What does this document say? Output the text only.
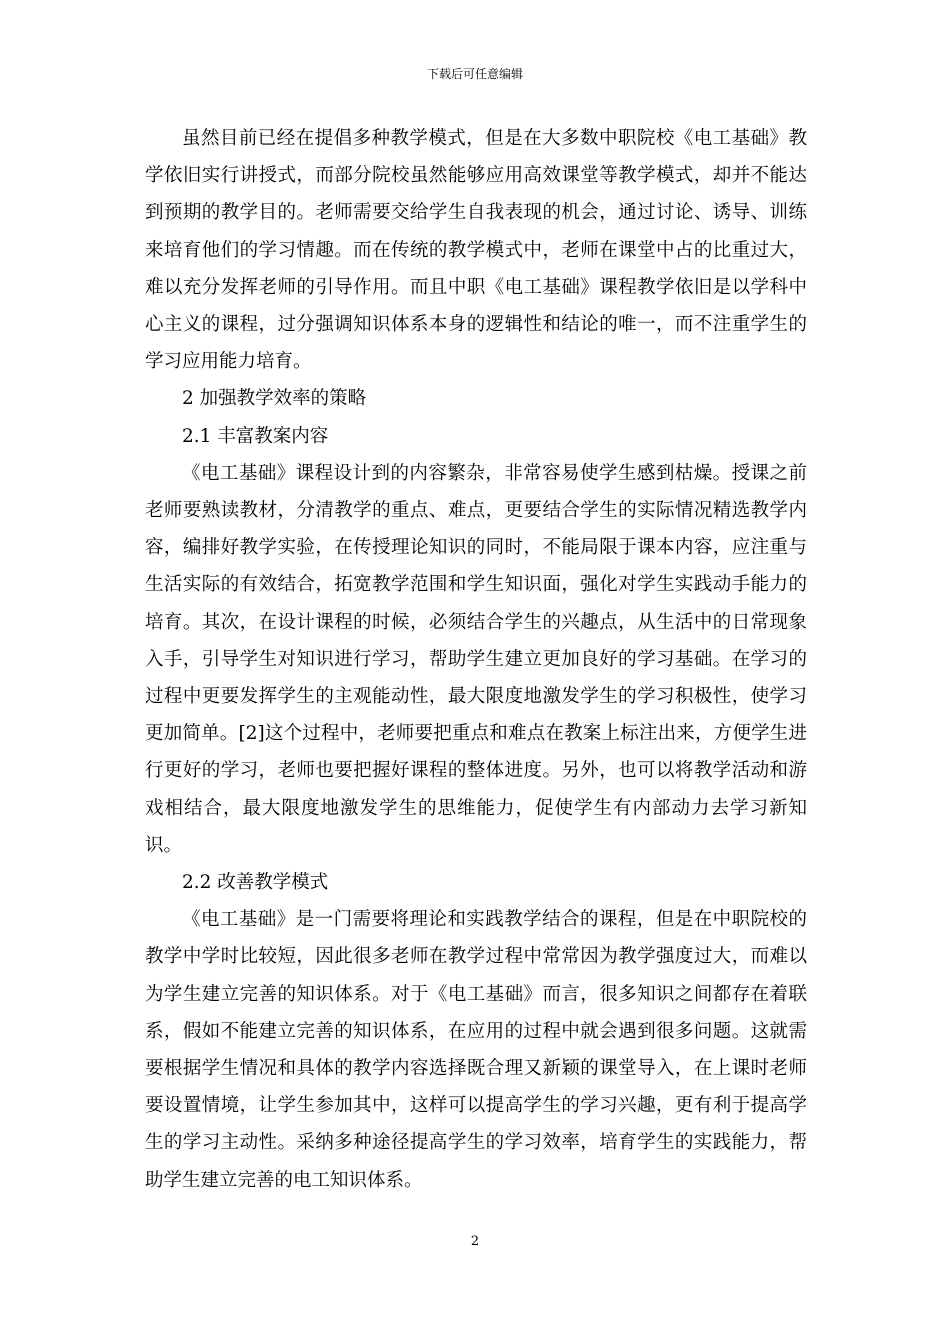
下载后可任意编辑

虽然目前已经在提倡多种教学模式，但是在大多数中职院校《电工基础》教学依旧实行讲授式，而部分院校虽然能够应用高效课堂等教学模式，却并不能达到预期的教学目的。老师需要交给学生自我表现的机会，通过讨论、诱导、训练来培育他们的学习情趣。而在传统的教学模式中，老师在课堂中占的比重过大，难以充分发挥老师的引导作用。而且中职《电工基础》课程教学依旧是以学科中心主义的课程，过分强调知识体系本身的逻辑性和结论的唯一，而不注重学生的学习应用能力培育。

2 加强教学效率的策略

2.1 丰富教案内容

《电工基础》课程设计到的内容繁杂，非常容易使学生感到枯燥。授课之前老师要熟读教材，分清教学的重点、难点，更要结合学生的实际情况精选教学内容，编排好教学实验，在传授理论知识的同时，不能局限于课本内容，应注重与生活实际的有效结合，拓宽教学范围和学生知识面，强化对学生实践动手能力的培育。其次，在设计课程的时候，必须结合学生的兴趣点，从生活中的日常现象入手，引导学生对知识进行学习，帮助学生建立更加良好的学习基础。在学习的过程中更要发挥学生的主观能动性，最大限度地激发学生的学习积极性，使学习更加简单。[2]这个过程中，老师要把重点和难点在教案上标注出来，方便学生进行更好的学习，老师也要把握好课程的整体进度。另外，也可以将教学活动和游戏相结合，最大限度地激发学生的思维能力，促使学生有内部动力去学习新知识。

2.2 改善教学模式

《电工基础》是一门需要将理论和实践教学结合的课程，但是在中职院校的教学中学时比较短，因此很多老师在教学过程中常常因为教学强度过大，而难以为学生建立完善的知识体系。对于《电工基础》而言，很多知识之间都存在着联系，假如不能建立完善的知识体系，在应用的过程中就会遇到很多问题。这就需要根据学生情况和具体的教学内容选择既合理又新颖的课堂导入，在上课时老师要设置情境，让学生参加其中，这样可以提高学生的学习兴趣，更有利于提高学生的学习主动性。采纳多种途径提高学生的学习效率，培育学生的实践能力，帮助学生建立完善的电工知识体系。

2
